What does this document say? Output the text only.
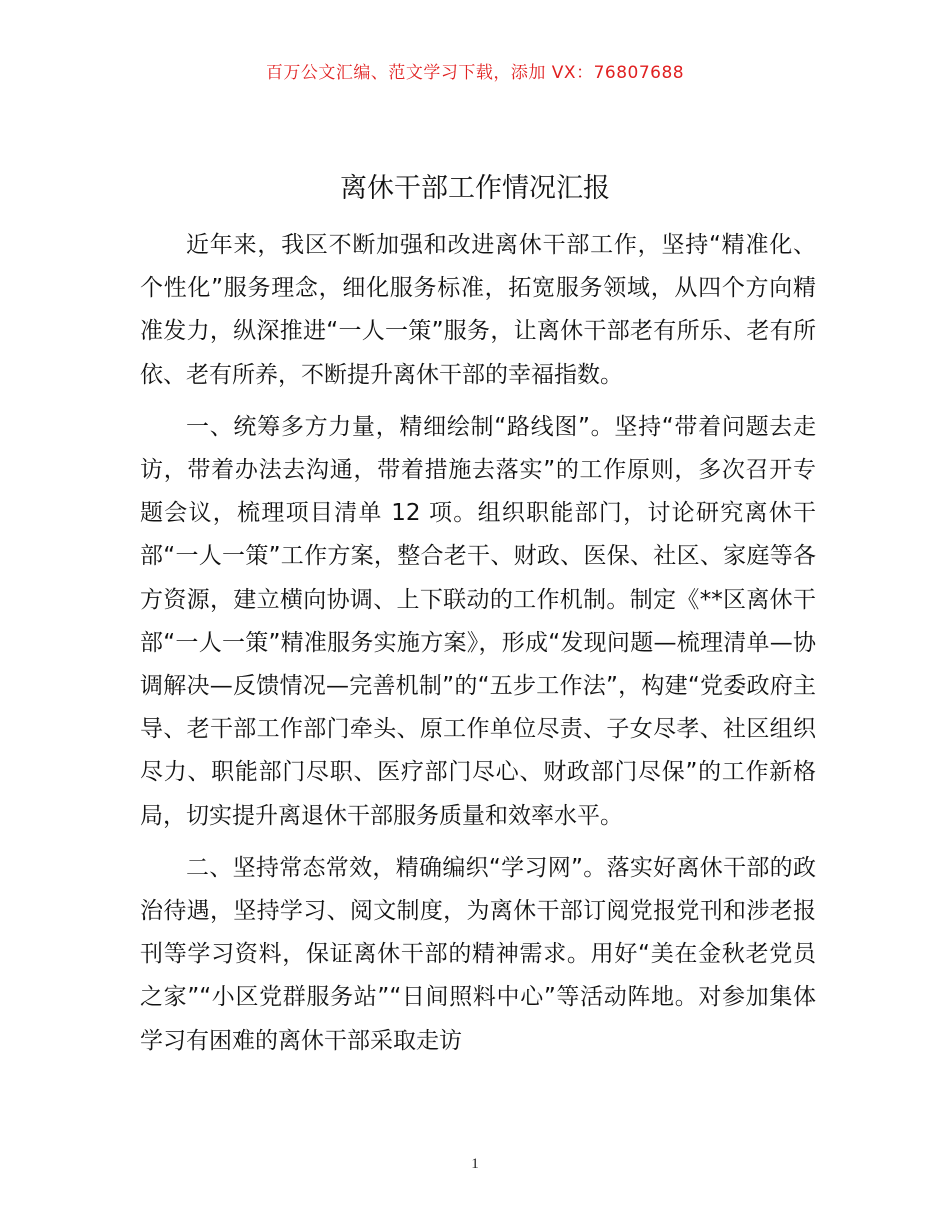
百万公文汇编、范文学习下载，添加 VX：76807688
离休干部工作情况汇报

近年来，我区不断加强和改进离休干部工作，坚持“精准化、个性化”服务理念，细化服务标准，拓宽服务领域，从四个方向精准发力，纵深推进“一人一策”服务，让离休干部老有所乐、老有所依、老有所养，不断提升离休干部的幸福指数。

一、统筹多方力量，精细绘制“路线图”。坚持“带着问题去走访，带着办法去沟通，带着措施去落实”的工作原则，多次召开专题会议，梳理项目清单 12 项。组织职能部门，讨论研究离休干部“一人一策”工作方案，整合老干、财政、医保、社区、家庭等各方资源，建立横向协调、上下联动的工作机制。制定《**区离休干部“一人一策”精准服务实施方案》，形成“发现问题—梳理清单—协调解决—反馈情况—完善机制”的“五步工作法”，构建“党委政府主导、老干部工作部门牵头、原工作单位尽责、子女尽孝、社区组织尽力、职能部门尽职、医疗部门尽心、财政部门尽保”的工作新格局，切实提升离退休干部服务质量和效率水平。

二、坚持常态常效，精确编织“学习网”。落实好离休干部的政治待遇，坚持学习、阅文制度，为离休干部订阅党报党刊和涉老报刊等学习资料，保证离休干部的精神需求。用好“美在金秋老党员之家”“小区党群服务站”“日间照料中心”等活动阵地。对参加集体学习有困难的离休干部采取走访

1
